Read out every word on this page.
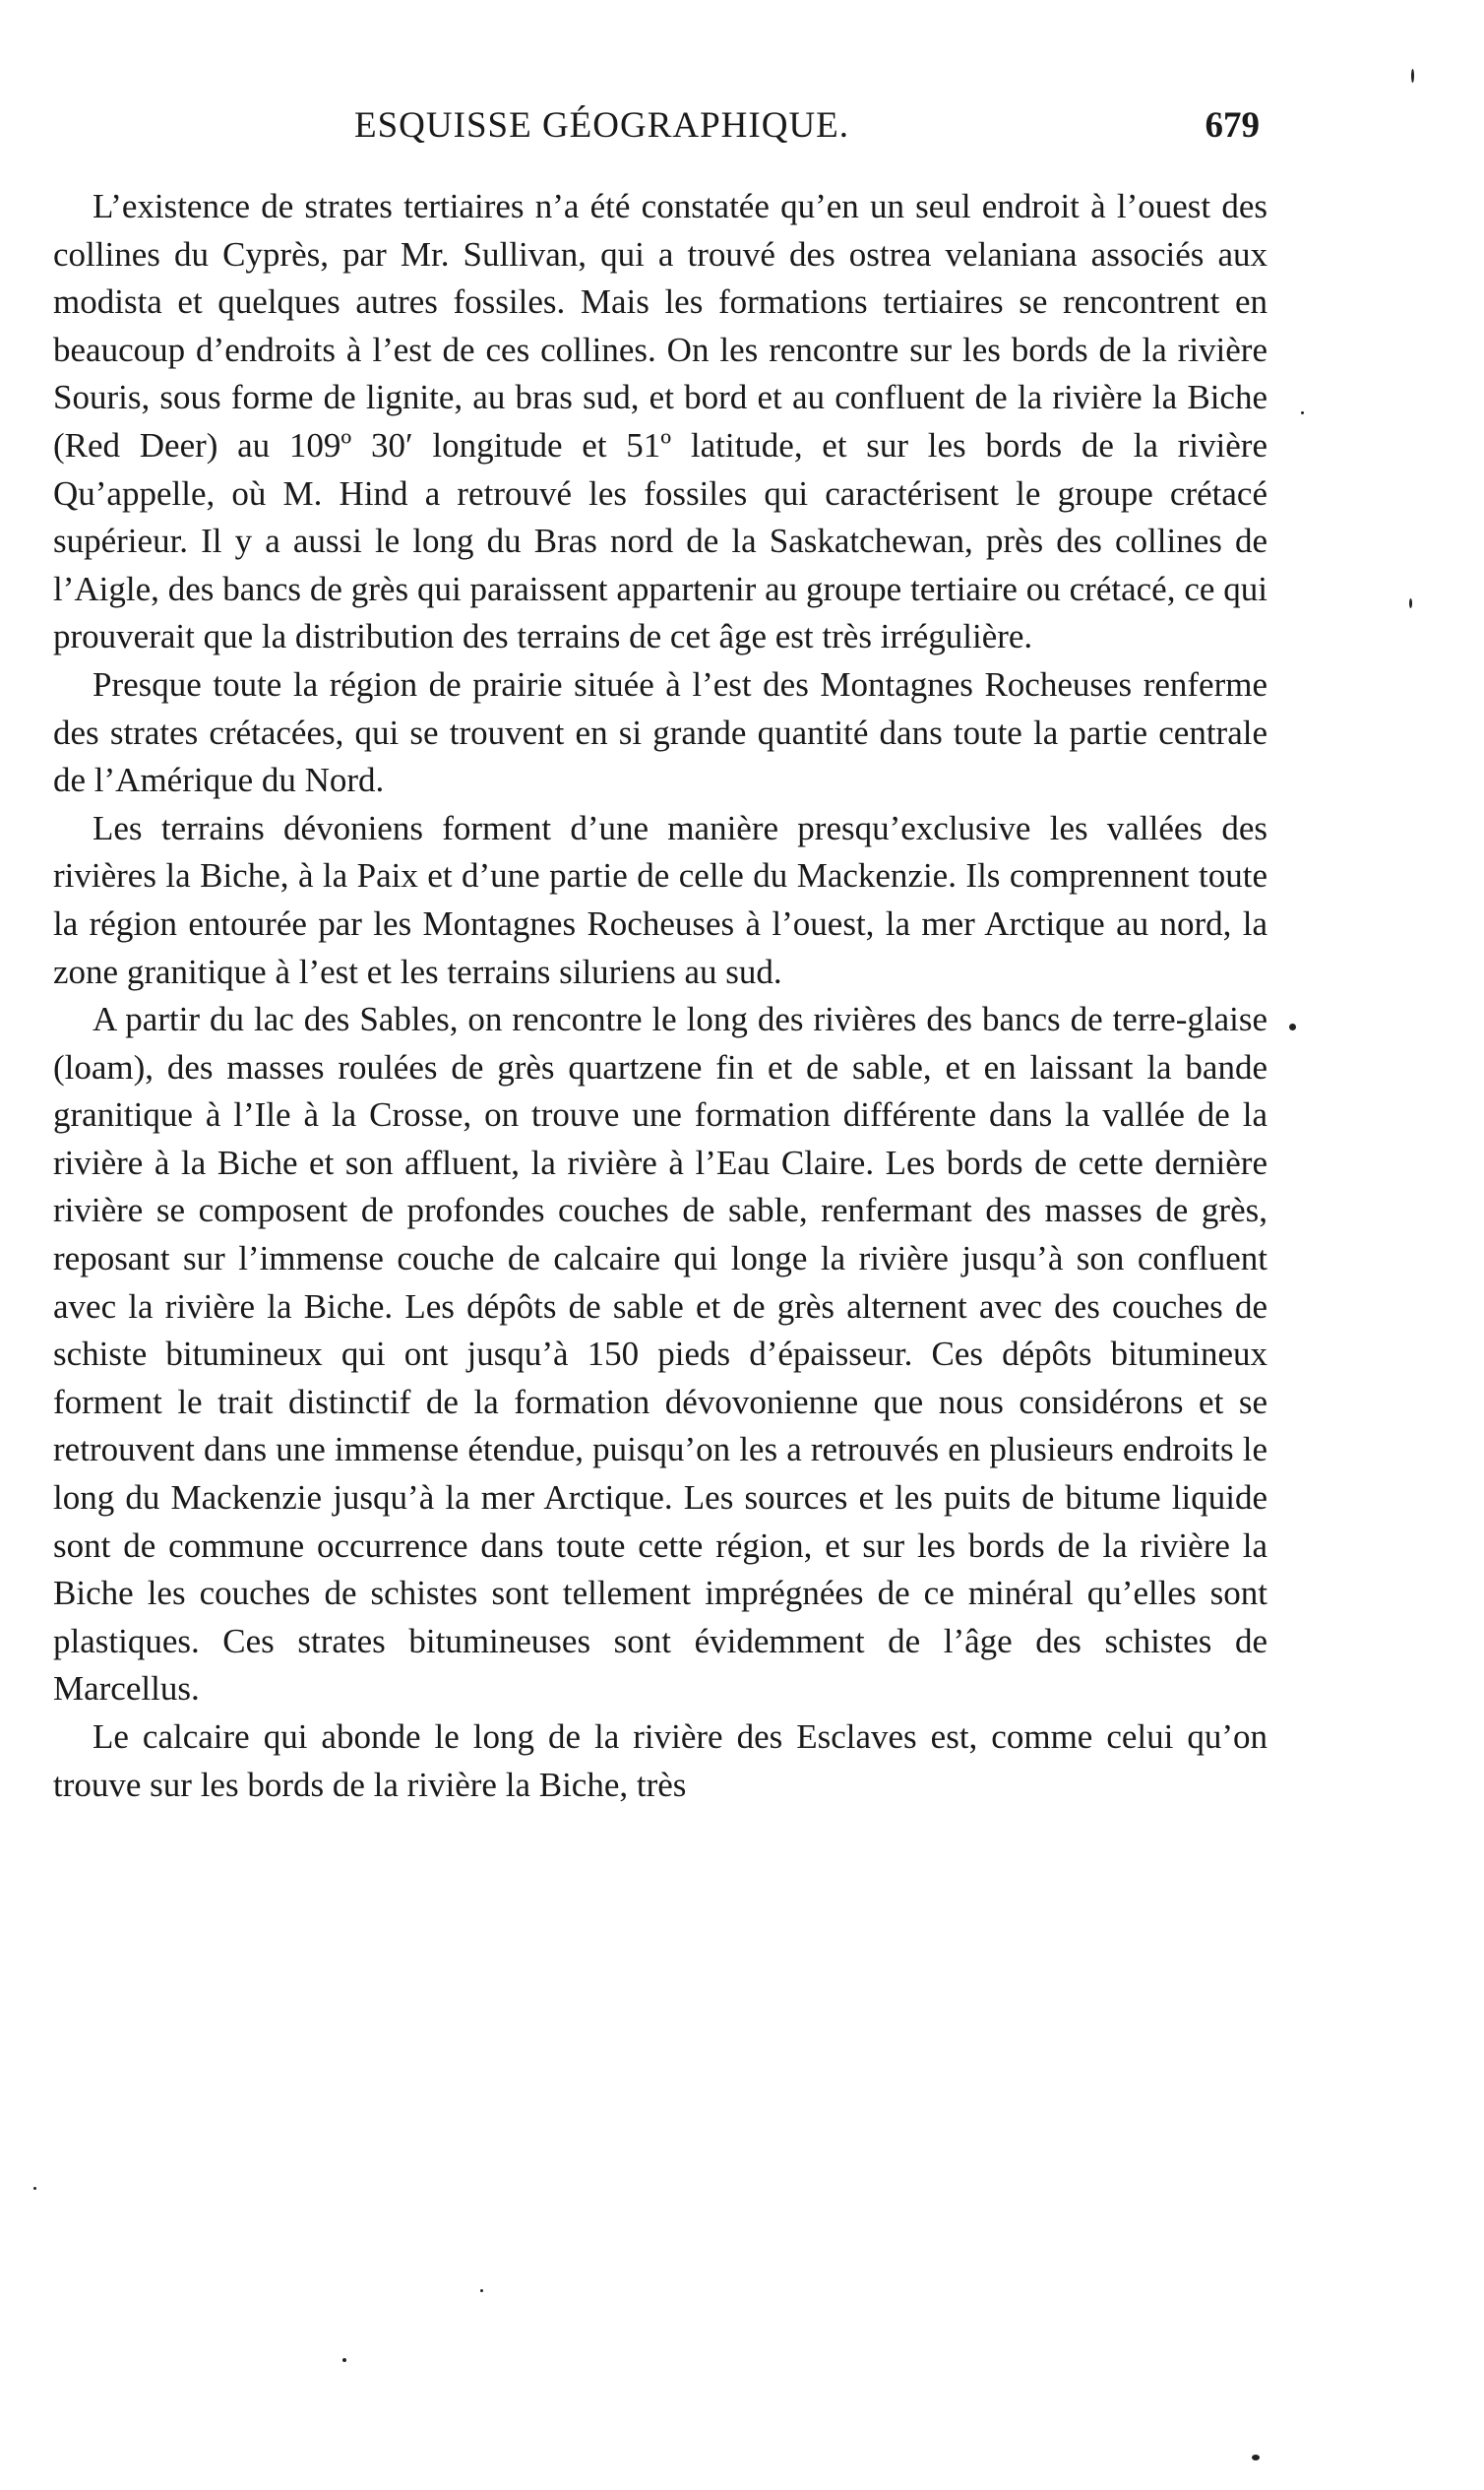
ESQUISSE GÉOGRAPHIQUE.	679

L’existence de strates tertiaires n’a été constatée qu’en un seul endroit à l’ouest des collines du Cyprès, par Mr. Sullivan, qui a trouvé des ostrea velaniana associés aux modista et quelques autres fossiles. Mais les formations tertiaires se rencontrent en beaucoup d’endroits à l’est de ces collines. On les rencontre sur les bords de la rivière Souris, sous forme de lignite, au bras sud, et bord et au confluent de la rivière la Biche (Red Deer) au 109º 30′ longitude et 51º latitude, et sur les bords de la rivière Qu’appelle, où M. Hind a retrouvé les fossiles qui caractérisent le groupe crétacé supérieur. Il y a aussi le long du Bras nord de la Saskatchewan, près des collines de l’Aigle, des bancs de grès qui paraissent appartenir au groupe tertiaire ou crétacé, ce qui prouverait que la distribution des terrains de cet âge est très irrégulière.

Presque toute la région de prairie située à l’est des Montagnes Rocheuses renferme des strates crétacées, qui se trouvent en si grande quantité dans toute la partie centrale de l’Amérique du Nord.

Les terrains dévoniens forment d’une manière presqu’exclusive les vallées des rivières la Biche, à la Paix et d’une partie de celle du Mackenzie. Ils comprennent toute la région entourée par les Montagnes Rocheuses à l’ouest, la mer Arctique au nord, la zone granitique à l’est et les terrains siluriens au sud.

A partir du lac des Sables, on rencontre le long des rivières des bancs de terre-glaise (loam), des masses roulées de grès quartzene fin et de sable, et en laissant la bande granitique à l’Ile à la Crosse, on trouve une formation différente dans la vallée de la rivière à la Biche et son affluent, la rivière à l’Eau Claire. Les bords de cette dernière rivière se composent de profondes couches de sable, renfermant des masses de grès, reposant sur l’immense couche de calcaire qui longe la rivière jusqu’à son confluent avec la rivière la Biche. Les dépôts de sable et de grès alternent avec des couches de schiste bitumineux qui ont jusqu’à 150 pieds d’épaisseur. Ces dépôts bitumineux forment le trait distinctif de la formation dévovonienne que nous considérons et se retrouvent dans une immense étendue, puisqu’on les a retrouvés en plusieurs endroits le long du Mackenzie jusqu’à la mer Arctique. Les sources et les puits de bitume liquide sont de commune occurrence dans toute cette région, et sur les bords de la rivière la Biche les couches de schistes sont tellement imprégnées de ce minéral qu’elles sont plastiques. Ces strates bitumineuses sont évidemment de l’âge des schistes de Marcellus.

Le calcaire qui abonde le long de la rivière des Esclaves est, comme celui qu’on trouve sur les bords de la rivière la Biche, très
